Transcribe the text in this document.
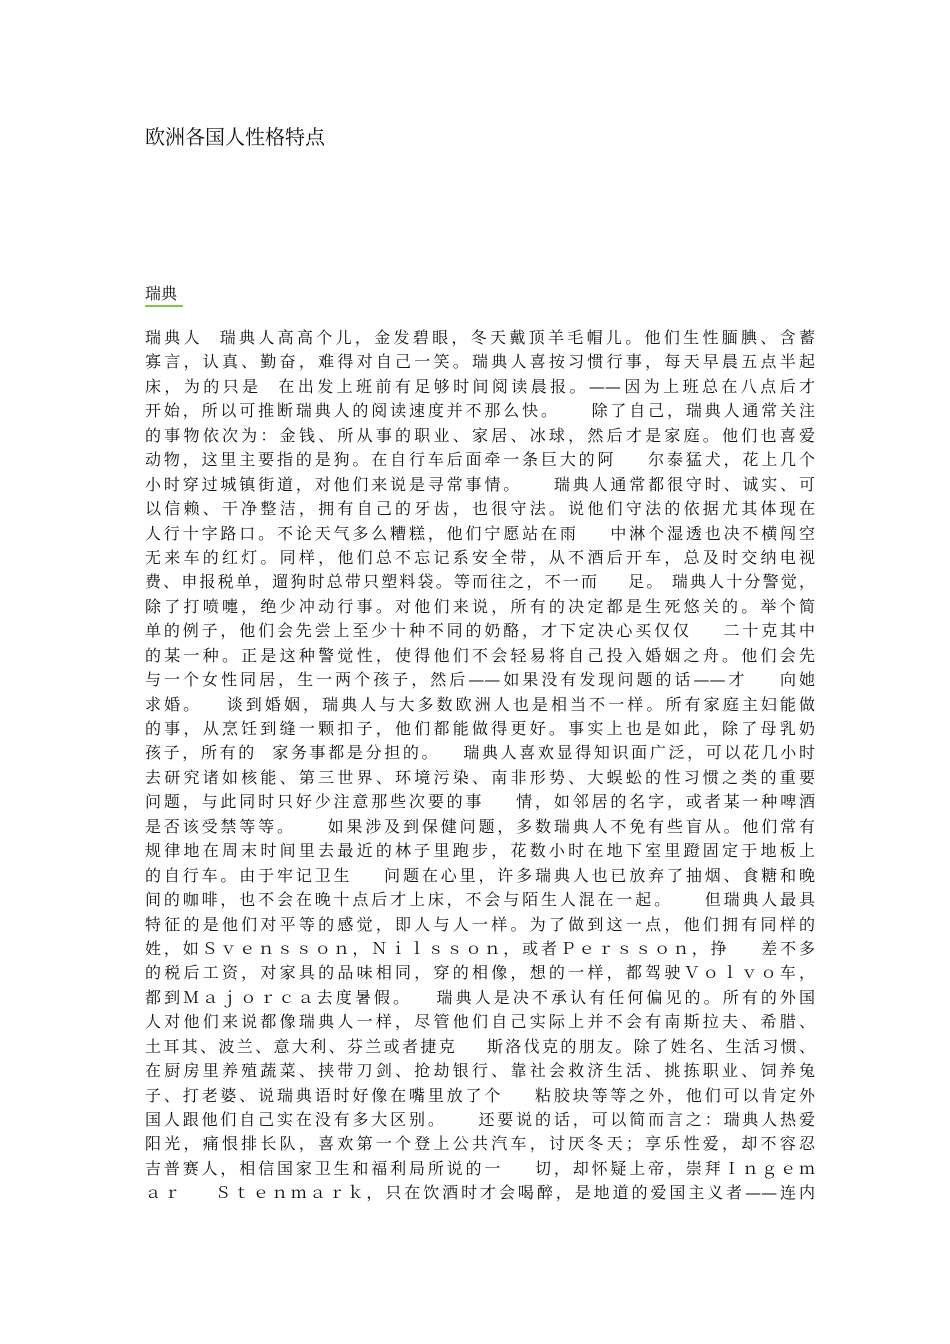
欧洲各国人性格特点
瑞典
瑞典人  瑞典人高高个儿，金发碧眼，冬天戴顶羊毛帽儿。他们生性腼腆、含蓄
寡言，认真、勤奋，难得对自己一笑。瑞典人喜按习惯行事，每天早晨五点半起
床，为的只是  在出发上班前有足够时间阅读晨报。——因为上班总在八点后才
开始，所以可推断瑞典人的阅读速度并不那么快。    除了自己，瑞典人通常关注
的事物依次为：金钱、所从事的职业、家居、冰球，然后才是家庭。他们也喜爱
动物，这里主要指的是狗。在自行车后面牵一条巨大的阿    尔泰猛犬，花上几个
小时穿过城镇街道，对他们来说是寻常事情。    瑞典人通常都很守时、诚实、可
以信赖、干净整洁，拥有自己的牙齿，也很守法。说他们守法的依据尤其体现在
人行十字路口。不论天气多么糟糕，他们宁愿站在雨    中淋个湿透也决不横闯空
无来车的红灯。同样，他们总不忘记系安全带，从不酒后开车，总及时交纳电视
费、申报税单，遛狗时总带只塑料袋。等而往之，不一而    足。 瑞典人十分警觉，
除了打喷嚏，绝少冲动行事。对他们来说，所有的决定都是生死悠关的。举个简
单的例子，他们会先尝上至少十种不同的奶酪，才下定决心买仅仅    二十克其中
的某一种。正是这种警觉性，使得他们不会轻易将自己投入婚姻之舟。他们会先
与一个女性同居，生一两个孩子，然后——如果没有发现问题的话——才    向她
求婚。   谈到婚姻，瑞典人与大多数欧洲人也是相当不一样。所有家庭主妇能做
的事，从烹饪到缝一颗扣子，他们都能做得更好。事实上也是如此，除了母乳奶
孩子，所有的  家务事都是分担的。   瑞典人喜欢显得知识面广泛，可以花几小时
去研究诸如核能、第三世界、环境污染、南非形势、大蜈蚣的性习惯之类的重要
问题，与此同时只好少注意那些次要的事    情，如邻居的名字，或者某一种啤酒
是否该受禁等等。    如果涉及到保健问题，多数瑞典人不免有些盲从。他们常有
规律地在周末时间里去最近的林子里跑步，花数小时在地下室里蹬固定于地板上
的自行车。由于牢记卫生    问题在心里，许多瑞典人也已放弃了抽烟、食糖和晚
间的咖啡，也不会在晚十点后才上床，不会与陌生人混在一起。    但瑞典人最具
特征的是他们对平等的感觉，即人与人一样。为了做到这一点，他们拥有同样的
姓，如Ｓｖｅｎｓｓｏｎ，Ｎｉｌｓｓｏｎ，或者Ｐｅｒｓｓｏｎ，挣    差不多
的税后工资，对家具的品味相同，穿的相像，想的一样，都驾驶Ｖｏｌｖｏ车，
都到Ｍａｊｏｒｃａ去度暑假。   瑞典人是决不承认有任何偏见的。所有的外国
人对他们来说都像瑞典人一样，尽管他们自己实际上并不会有南斯拉夫、希腊、
土耳其、波兰、意大利、芬兰或者捷克    斯洛伐克的朋友。除了姓名、生活习惯、
在厨房里养殖蔬菜、挟带刀剑、抢劫银行、靠社会救济生活、挑拣职业、饲养兔
子、打老婆、说瑞典语时好像在嘴里放了个    粘胶块等等之外，他们可以肯定外
国人跟他们自己实在没有多大区别。    还要说的话，可以简而言之：瑞典人热爱
阳光，痛恨排长队，喜欢第一个登上公共汽车，讨厌冬天；享乐性爱，却不容忍
吉普赛人，相信国家卫生和福利局所说的一    切，却怀疑上帝，崇拜Ｉｎｇｅｍ
ａｒ    Ｓｔｅｎｍａｒｋ，只在饮酒时才会喝醉，是地道的爱国主义者——连内
